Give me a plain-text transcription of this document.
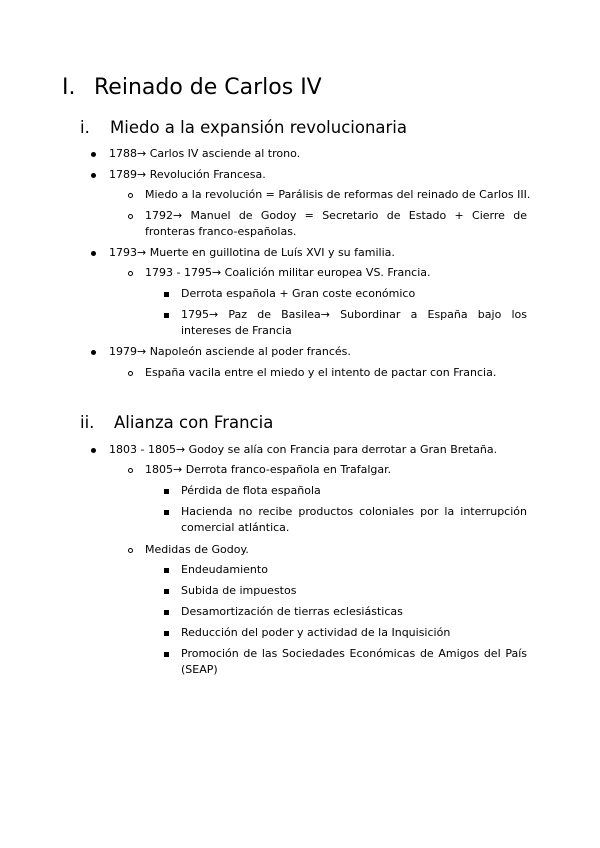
I. Reinado de Carlos IV
i. Miedo a la expansión revolucionaria
1788→ Carlos IV asciende al trono.
1789→ Revolución Francesa.
Miedo a la revolución = Parálisis de reformas del reinado de Carlos III.
1792→ Manuel de Godoy = Secretario de Estado + Cierre de fronteras franco-españolas.
1793→ Muerte en guillotina de Luís XVI y su familia.
1793 - 1795→ Coalición militar europea VS. Francia.
Derrota española + Gran coste económico
1795→ Paz de Basilea→ Subordinar a España bajo los intereses de Francia
1979→ Napoleón asciende al poder francés.
España vacila entre el miedo y el intento de pactar con Francia.
ii. Alianza con Francia
1803 - 1805→ Godoy se alía con Francia para derrotar a Gran Bretaña.
1805→ Derrota franco-española en Trafalgar.
Pérdida de flota española
Hacienda no recibe productos coloniales por la interrupción comercial atlántica.
Medidas de Godoy.
Endeudamiento
Subida de impuestos
Desamortización de tierras eclesiásticas
Reducción del poder y actividad de la Inquisición
Promoción de las Sociedades Económicas de Amigos del País (SEAP)
